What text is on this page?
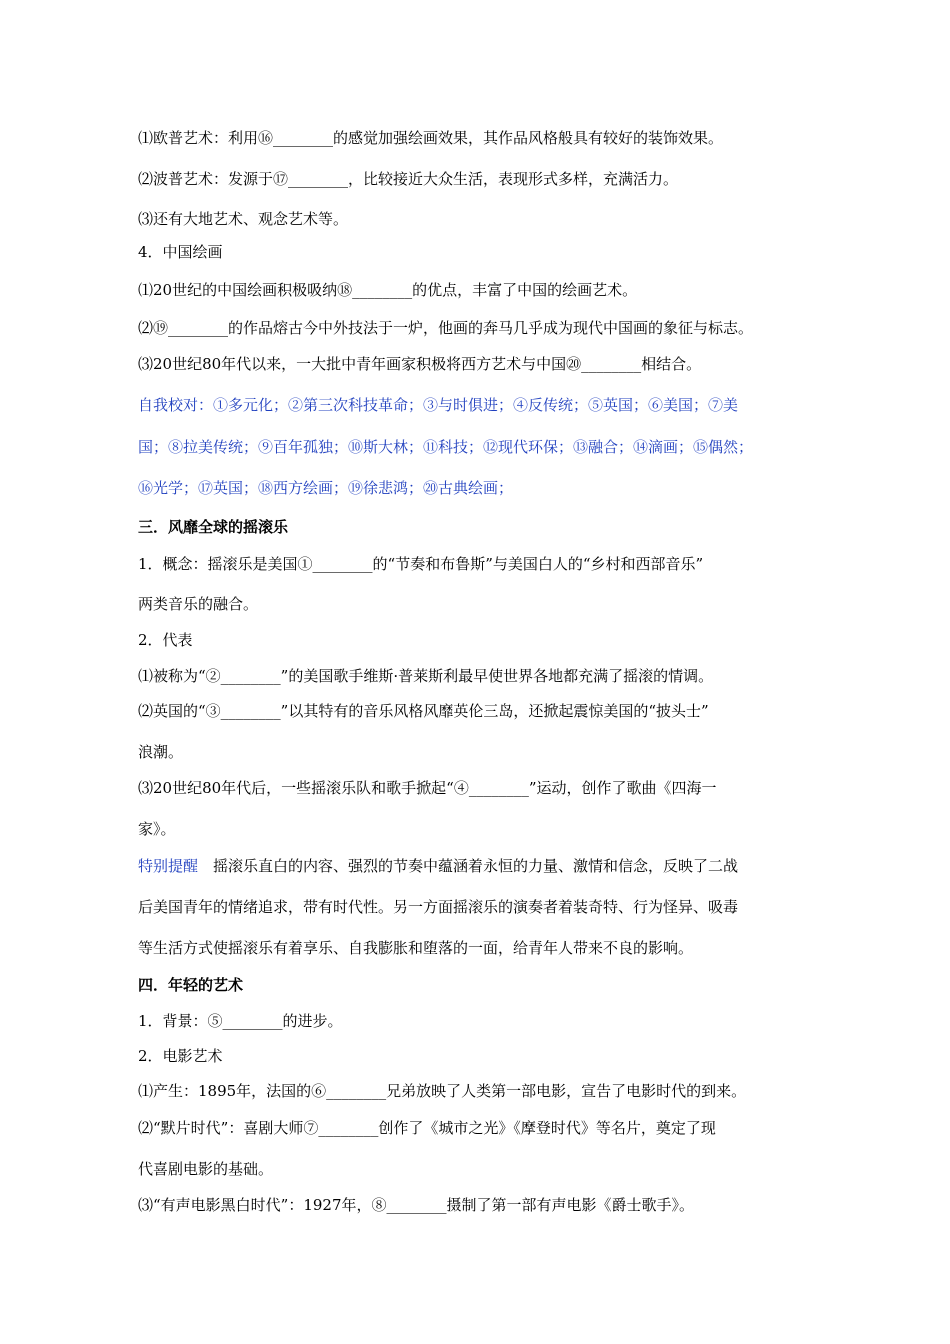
⑴欧普艺术：利用⑯________的感觉加强绘画效果，其作品风格般具有较好的装饰效果。
⑵波普艺术：发源于⑰________，比较接近大众生活，表现形式多样，充满活力。
⑶还有大地艺术、观念艺术等。
4．中国绘画
⑴20世纪的中国绘画积极吸纳⑱________的优点，丰富了中国的绘画艺术。
⑵⑲________的作品熔古今中外技法于一炉，他画的奔马几乎成为现代中国画的象征与标志。
⑶20世纪80年代以来，一大批中青年画家积极将西方艺术与中国⑳________相结合。
自我校对：①多元化；②第三次科技革命；③与时俱进；④反传统；⑤英国；⑥美国；⑦美
国；⑧拉美传统；⑨百年孤独；⑩斯大林；⑪科技；⑫现代环保；⑬融合；⑭滴画；⑮偶然；
⑯光学；⑰英国；⑱西方绘画；⑲徐悲鸿；⑳古典绘画；
三．风靡全球的摇滚乐
1．概念：摇滚乐是美国①________的“节奏和布鲁斯”与美国白人的“乡村和西部音乐”
两类音乐的融合。
2．代表
⑴被称为“②________”的美国歌手维斯·普莱斯利最早使世界各地都充满了摇滚的情调。
⑵英国的“③________”以其特有的音乐风格风靡英伦三岛，还掀起震惊美国的“披头士”
浪潮。
⑶20世纪80年代后，一些摇滚乐队和歌手掀起“④________”运动，创作了歌曲《四海一
家》。
特别提醒 摇滚乐直白的内容、强烈的节奏中蕴涵着永恒的力量、激情和信念，反映了二战
后美国青年的情绪追求，带有时代性。另一方面摇滚乐的演奏者着装奇特、行为怪异、吸毒
等生活方式使摇滚乐有着享乐、自我膨胀和堕落的一面，给青年人带来不良的影响。
四．年轻的艺术
1．背景：⑤________的进步。
2．电影艺术
⑴产生：1895年，法国的⑥________兄弟放映了人类第一部电影，宣告了电影时代的到来。
⑵“默片时代”：喜剧大师⑦________创作了《城市之光》《摩登时代》等名片，奠定了现
代喜剧电影的基础。
⑶“有声电影黑白时代”：1927年，⑧________摄制了第一部有声电影《爵士歌手》。
